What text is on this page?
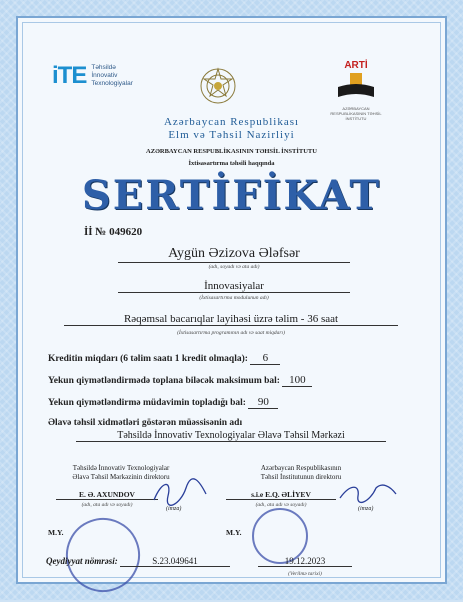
iTE Təhsildə
İnnovativ
Texnologiyalar
ARTİ
AZƏRBAYCAN RESPUBLİKASININ TƏHSİL İNSTİTUTU
Azərbaycan Respublikası
Elm və Təhsil Nazirliyi
AZƏRBAYCAN RESPUBLİKASININ TƏHSİL İNSTİTUTU
İxtisasartırma təhsili haqqında
SERTİFİKAT
İİ № 049620
Aygün Əzizova Ələfsər
(adı, soyadı və ata adı)
İnnovasiyalar
(İxtisasartırma modulunun adı)
Rəqəmsal bacarıqlar layihəsi üzrə təlim - 36 saat
(İxtisasartırma programının adı və saat miqdarı)
Kreditin miqdarı (6 təlim saatı 1 kredit olmaqla): 6
Yekun qiymətləndirmədə toplana biləcək maksimum bal: 100
Yekun qiymətləndirmə müdavimin topladığı bal: 90
Əlavə təhsil xidmətləri göstərən müəssisənin adı
Təhsildə İnnovativ Texnologiyalar Əlavə Təhsil Mərkəzi
Təhsildə İnnovativ Texnologiyalar
Əlavə Təhsil Mərkəzinin direktoru
Azərbaycan Respublikasının
Təhsil İnstitutunun direktoru
E. Ə. AXUNDOV	s.i.e E.Q. ƏLİYEV
(adı, ata adı və soyadı)	(adı, ata adı və soyadı)
(imza)	(imza)
M.Y.	M.Y.
Qeydiyyat nömrəsi:	S.23.049641	19.12.2023
(Verilmə tarixi)
